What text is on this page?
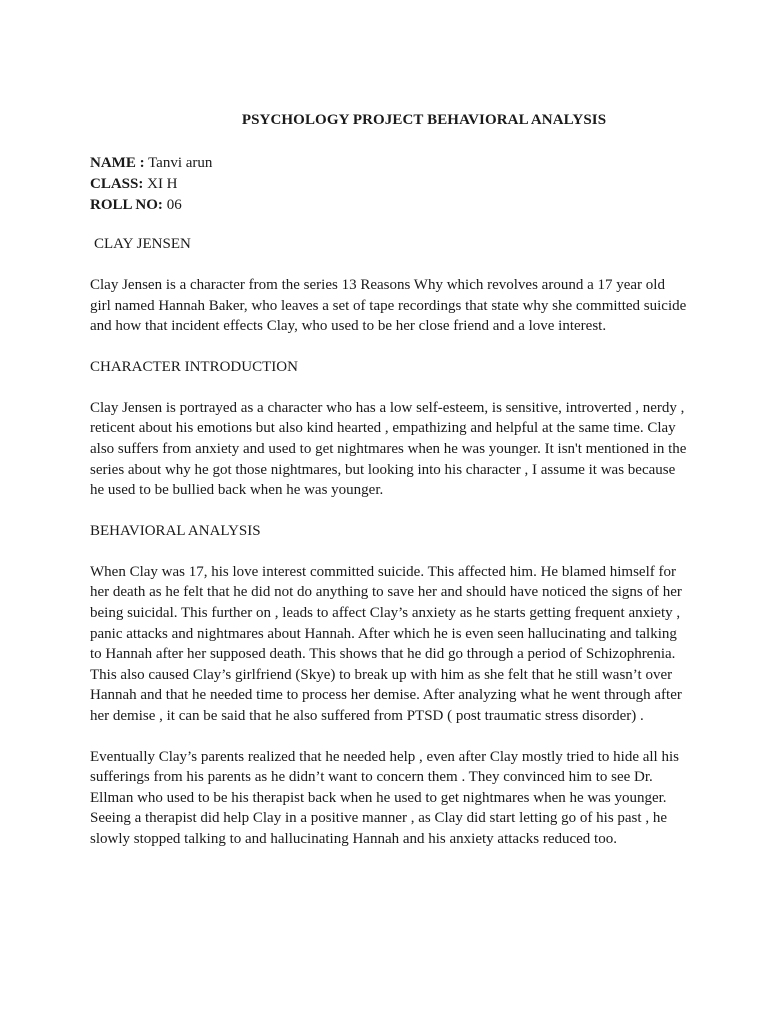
PSYCHOLOGY PROJECT BEHAVIORAL ANALYSIS
NAME : Tanvi arun
CLASS: XI H
ROLL NO: 06
CLAY JENSEN

Clay Jensen is a character from the series 13 Reasons Why which revolves around a 17 year old girl named Hannah Baker, who leaves a set of tape recordings that state why she committed suicide and how that incident effects Clay, who used to be her close friend and a love interest.

CHARACTER INTRODUCTION

Clay Jensen is portrayed as a character who has a low self-esteem, is sensitive, introverted , nerdy , reticent about his emotions but also kind hearted , empathizing and helpful at the same time. Clay also suffers from anxiety and used to get nightmares when he was younger. It isn't mentioned in the series about why he got those nightmares, but looking into his character , I assume it was because he used to be bullied back when he was younger.

BEHAVIORAL ANALYSIS

When Clay was 17, his love interest committed suicide. This affected him. He blamed himself for her death as he felt that he did not do anything to save her and should have noticed the signs of her being suicidal. This further on , leads to affect Clay’s anxiety as he starts getting frequent anxiety , panic attacks and nightmares about Hannah. After which he is even seen hallucinating and talking to Hannah after her supposed death. This shows that he did go through a period of Schizophrenia. This also caused Clay’s girlfriend (Skye) to break up with him as she felt that he still wasn’t over Hannah and that he needed time to process her demise. After analyzing what he went through after her demise , it can be said that he also suffered from PTSD ( post traumatic stress disorder) .

Eventually Clay’s parents realized that he needed help , even after Clay mostly tried to hide all his sufferings from his parents as he didn’t want to concern them . They convinced him to see Dr. Ellman who used to be his therapist back when he used to get nightmares when he was younger. Seeing a therapist did help Clay in a positive manner , as Clay did start letting go of his past , he slowly stopped talking to and hallucinating Hannah and his anxiety attacks reduced too.
